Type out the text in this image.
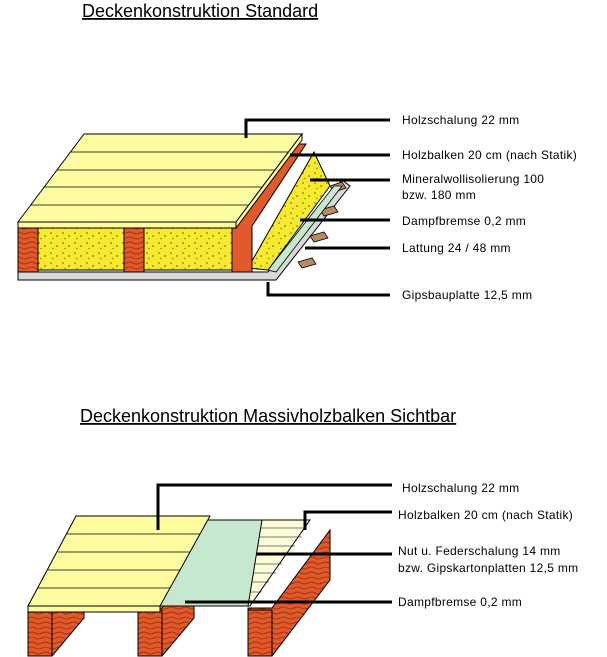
Deckenkonstruktion Standard
Holzschalung 22 mm
Holzbalken 20 cm (nach Statik)
Mineralwollisolierung 100
bzw. 180 mm
Dampfbremse 0,2 mm
Lattung 24 / 48 mm
Gipsbauplatte 12,5 mm
Deckenkonstruktion Massivholzbalken Sichtbar
Holzschalung 22 mm
Holzbalken 20 cm (nach Statik)
Nut u. Federschalung 14 mm
bzw. Gipskartonplatten 12,5 mm
Dampfbremse 0,2 mm
